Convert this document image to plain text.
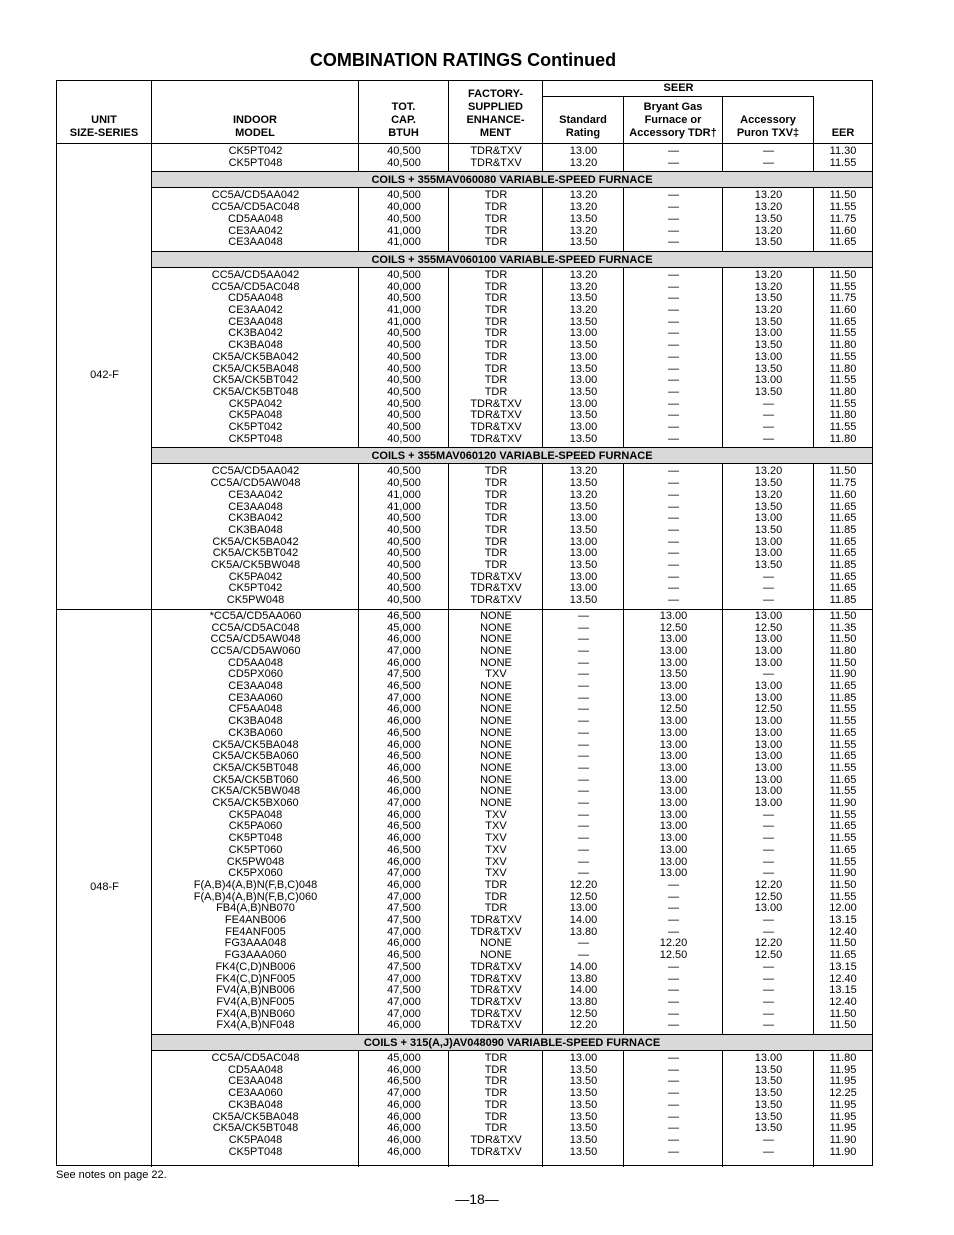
COMBINATION RATINGS Continued
UNIT
SIZE-SERIES
INDOOR
MODEL
TOT.
CAP.
BTUH
FACTORY-
SUPPLIED
ENHANCE-
MENT
SEER
Standard
Rating
Bryant Gas
Furnace or
Accessory TDR†
Accessory
Puron TXV‡	EER
CK5PT042
CK5PT048
40,500
40,500
TDR&TXV
TDR&TXV
13.00
13.20
—
—
—
—
11.30
11.55
CC5A/CD5AA042
CC5A/CD5AC048
CD5AA048
CE3AA042
CE3AA048
40,500
40,000
40,500
41,000
41,000
TDR
TDR
TDR
TDR
TDR
13.20
13.20
13.50
13.20
13.50
—
—
—
—
—
13.20
13.20
13.50
13.20
13.50
11.50
11.55
11.75
11.60
11.65
CC5A/CD5AA042
CC5A/CD5AC048
CD5AA048
CE3AA042
CE3AA048
CK3BA042
CK3BA048
CK5A/CK5BA042
CK5A/CK5BA048
CK5A/CK5BT042
CK5A/CK5BT048
CK5PA042
CK5PA048
CK5PT042
CK5PT048
40,500
40,000
40,500
41,000
41,000
40,500
40,500
40,500
40,500
40,500
40,500
40,500
40,500
40,500
40,500
TDR
TDR
TDR
TDR
TDR
TDR
TDR
TDR
TDR
TDR
TDR
TDR&TXV
TDR&TXV
TDR&TXV
TDR&TXV
13.20
13.20
13.50
13.20
13.50
13.00
13.50
13.00
13.50
13.00
13.50
13.00
13.50
13.00
13.50
—
—
—
—
—
—
—
—
—
—
—
—
—
—
—
13.20
13.20
13.50
13.20
13.50
13.00
13.50
13.00
13.50
13.00
13.50
—
—
—
—
11.50
11.55
11.75
11.60
11.65
11.55
11.80
11.55
11.80
11.55
11.80
11.55
11.80
11.55
11.80
CC5A/CD5AA042
CC5A/CD5AW048
CE3AA042
CE3AA048
CK3BA042
CK3BA048
CK5A/CK5BA042
CK5A/CK5BT042
CK5A/CK5BW048
CK5PA042
CK5PT042
CK5PW048
40,500
40,500
41,000
41,000
40,500
40,500
40,500
40,500
40,500
40,500
40,500
40,500
TDR
TDR
TDR
TDR
TDR
TDR
TDR
TDR
TDR
TDR&TXV
TDR&TXV
TDR&TXV
13.20
13.50
13.20
13.50
13.00
13.50
13.00
13.00
13.50
13.00
13.00
13.50
—
—
—
—
—
—
—
—
—
—
—
—
13.20
13.50
13.20
13.50
13.00
13.50
13.00
13.00
13.50
—
—
—
11.50
11.75
11.60
11.65
11.65
11.85
11.65
11.65
11.85
11.65
11.65
11.85
*CC5A/CD5AA060
CC5A/CD5AC048
CC5A/CD5AW048
CC5A/CD5AW060
CD5AA048
CD5PX060
CE3AA048
CE3AA060
CF5AA048
CK3BA048
CK3BA060
CK5A/CK5BA048
CK5A/CK5BA060
CK5A/CK5BT048
CK5A/CK5BT060
CK5A/CK5BW048
CK5A/CK5BX060
CK5PA048
CK5PA060
CK5PT048
CK5PT060
CK5PW048
CK5PX060
F(A,B)4(A,B)N(F,B,C)048
F(A,B)4(A,B)N(F,B,C)060
FB4(A,B)NB070
FE4ANB006
FE4ANF005
FG3AAA048
FG3AAA060
FK4(C,D)NB006
FK4(C,D)NF005
FV4(A,B)NB006
FV4(A,B)NF005
FX4(A,B)NB060
FX4(A,B)NF048
46,500
45,000
46,000
47,000
46,000
47,500
46,500
47,000
46,000
46,000
46,500
46,000
46,500
46,000
46,500
46,000
47,000
46,000
46,500
46,000
46,500
46,000
47,000
46,000
47,000
47,500
47,500
47,000
46,000
46,500
47,500
47,000
47,500
47,000
47,000
46,000
NONE
NONE
NONE
NONE
NONE
TXV
NONE
NONE
NONE
NONE
NONE
NONE
NONE
NONE
NONE
NONE
NONE
TXV
TXV
TXV
TXV
TXV
TXV
TDR
TDR
TDR
TDR&TXV
TDR&TXV
NONE
NONE
TDR&TXV
TDR&TXV
TDR&TXV
TDR&TXV
TDR&TXV
TDR&TXV
—
—
—
—
—
—
—
—
—
—
—
—
—
—
—
—
—
—
—
—
—
—
—
12.20
12.50
13.00
14.00
13.80
—
—
14.00
13.80
14.00
13.80
12.50
12.20
13.00
12.50
13.00
13.00
13.00
13.50
13.00
13.00
12.50
13.00
13.00
13.00
13.00
13.00
13.00
13.00
13.00
13.00
13.00
13.00
13.00
13.00
13.00
—
—
—
—
—
12.20
12.50
—
—
—
—
—
—
13.00
12.50
13.00
13.00
13.00
—
13.00
13.00
12.50
13.00
13.00
13.00
13.00
13.00
13.00
13.00
13.00
—
—
—
—
—
—
12.20
12.50
13.00
—
—
12.20
12.50
—
—
—
—
—
—
11.50
11.35
11.50
11.80
11.50
11.90
11.65
11.85
11.55
11.55
11.65
11.55
11.65
11.55
11.65
11.55
11.90
11.55
11.65
11.55
11.65
11.55
11.90
11.50
11.55
12.00
13.15
12.40
11.50
11.65
13.15
12.40
13.15
12.40
11.50
11.50
CC5A/CD5AC048
CD5AA048
CE3AA048
CE3AA060
CK3BA048
CK5A/CK5BA048
CK5A/CK5BT048
CK5PA048
CK5PT048
45,000
46,000
46,500
47,000
46,000
46,000
46,000
46,000
46,000
TDR
TDR
TDR
TDR
TDR
TDR
TDR
TDR&TXV
TDR&TXV
13.00
13.50
13.50
13.50
13.50
13.50
13.50
13.50
13.50
—
—
—
—
—
—
—
—
—
13.00
13.50
13.50
13.50
13.50
13.50
13.50
—
—
11.80
11.95
11.95
12.25
11.95
11.95
11.95
11.90
11.90
COILS + 355MAV060080 VARIABLE-SPEED FURNACE
COILS + 355MAV060100 VARIABLE-SPEED FURNACE
COILS + 355MAV060120 VARIABLE-SPEED FURNACE
COILS + 315(A,J)AV048090 VARIABLE-SPEED FURNACE
042-F
048-F
See notes on page 22.
—18—
